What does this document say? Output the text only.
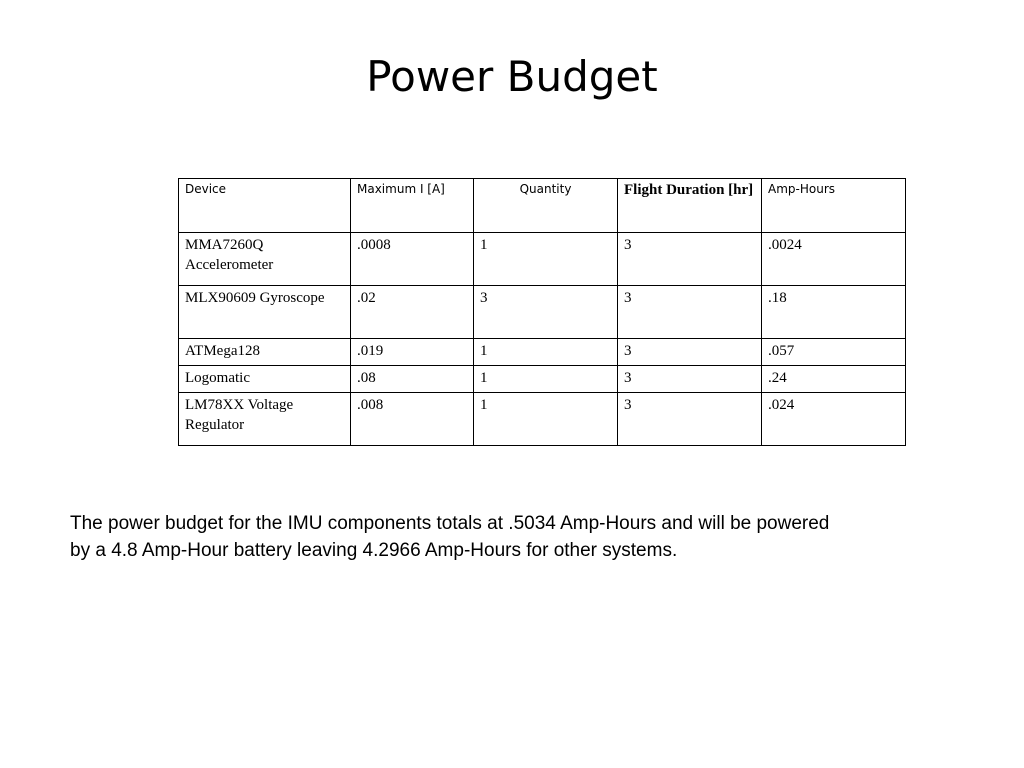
Power Budget
Device	Maximum I [A]	Quantity	Flight Duration [hr]	Amp-Hours
MMA7260Q Accelerometer	.0008	1	3	.0024
MLX90609 Gyroscope	.02	3	3	.18
ATMega128	.019	1	3	.057
Logomatic	.08	1	3	.24
LM78XX Voltage Regulator	.008	1	3	.024

The power budget for the IMU components totals at .5034 Amp-Hours and will be powered by a 4.8 Amp-Hour battery leaving 4.2966 Amp-Hours for other systems.
